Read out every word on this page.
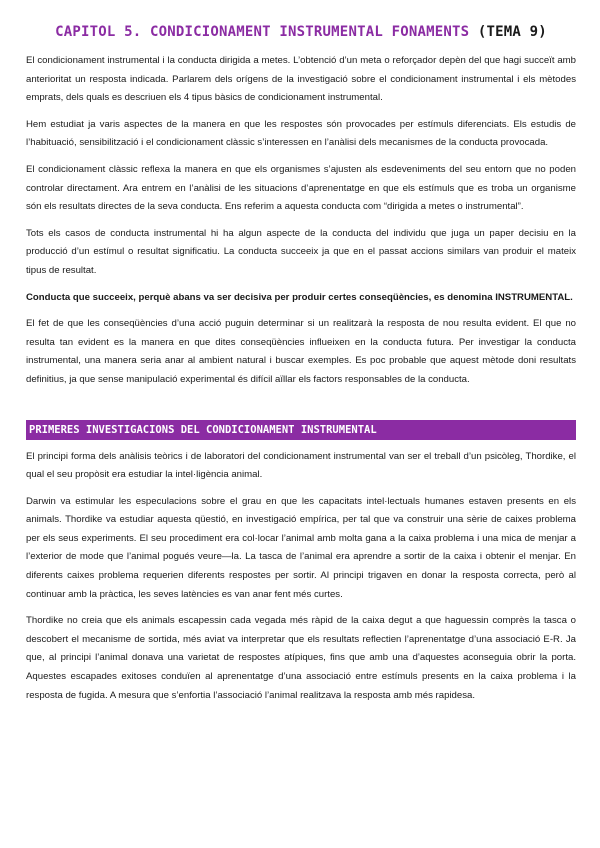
CAPITOL 5. CONDICIONAMENT INSTRUMENTAL FONAMENTS (TEMA 9)

El condicionament instrumental i la conducta dirigida a metes. L’obtenció d’un meta o reforçador depèn del que hagi succeït amb anterioritat un resposta indicada. Parlarem dels orígens de la investigació sobre el condicionament instrumental i els mètodes emprats, dels quals es descriuen els 4 tipus bàsics de condicionament instrumental.

Hem estudiat ja varis aspectes de la manera en que les respostes són provocades per estímuls diferenciats. Els estudis de l’habituació, sensibilització i el condicionament clàssic s’interessen en l’anàlisi dels mecanismes de la conducta provocada.

El condicionament clàssic reflexa la manera en que els organismes s’ajusten als esdeveniments del seu entorn que no poden controlar directament. Ara entrem en l’anàlisi de les situacions d’aprenentatge en que els estímuls que es troba un organisme són els resultats directes de la seva conducta. Ens referim a aquesta conducta com “dirigida a metes o instrumental”.

Tots els casos de conducta instrumental hi ha algun aspecte de la conducta del individu que juga un paper decisiu en la producció d’un estímul o resultat significatiu. La conducta succeeix ja que en el passat accions similars van produir el mateix tipus de resultat.

Conducta que succeeix, perquè abans va ser decisiva per produir certes conseqüències, es denomina INSTRUMENTAL.

El fet de que les conseqüències d’una acció puguin determinar si un realitzarà la resposta de nou resulta evident. El que no resulta tan evident es la manera en que dites conseqüències influeixen en la conducta futura. Per investigar la conducta instrumental, una manera seria anar al ambient natural i buscar exemples. Es poc probable que aquest mètode doni resultats definitius, ja que sense manipulació experimental és difícil aïllar els factors responsables de la conducta.

PRIMERES INVESTIGACIONS DEL CONDICIONAMENT INSTRUMENTAL

El principi forma dels anàlisis teòrics i de laboratori del condicionament instrumental van ser el treball d’un psicòleg, Thordike, el qual el seu propòsit era estudiar la intel·ligència animal.

Darwin va estimular les especulacions sobre el grau en que les capacitats intel·lectuals humanes estaven presents en els animals. Thordike va estudiar aquesta qüestió, en investigació empírica, per tal que va construir una sèrie de caixes problema per els seus experiments. El seu procediment era col·locar l’animal amb molta gana a la caixa problema i una mica de menjar a l’exterior de mode que l’animal pogués veure—la. La tasca de l’animal era aprendre a sortir de la caixa i obtenir el menjar. En diferents caixes problema requerien diferents respostes per sortir. Al principi trigaven en donar la resposta correcta, però al continuar amb la pràctica, les seves latències es van anar fent més curtes.

Thordike no creia que els animals escapessin cada vegada més ràpid de la caixa degut a que haguessin comprès la tasca o descobert el mecanisme de sortida, més aviat va interpretar que els resultats reflectien l’aprenentatge d’una associació E-R. Ja que, al principi l’animal donava una varietat de respostes atípiques, fins que amb una d’aquestes aconseguia obrir la porta. Aquestes escapades exitoses conduïen al aprenentatge d’una associació entre estímuls presents en la caixa problema i la resposta de fugida. A mesura que s’enfortia l’associació l’animal realitzava la resposta amb més rapidesa.
